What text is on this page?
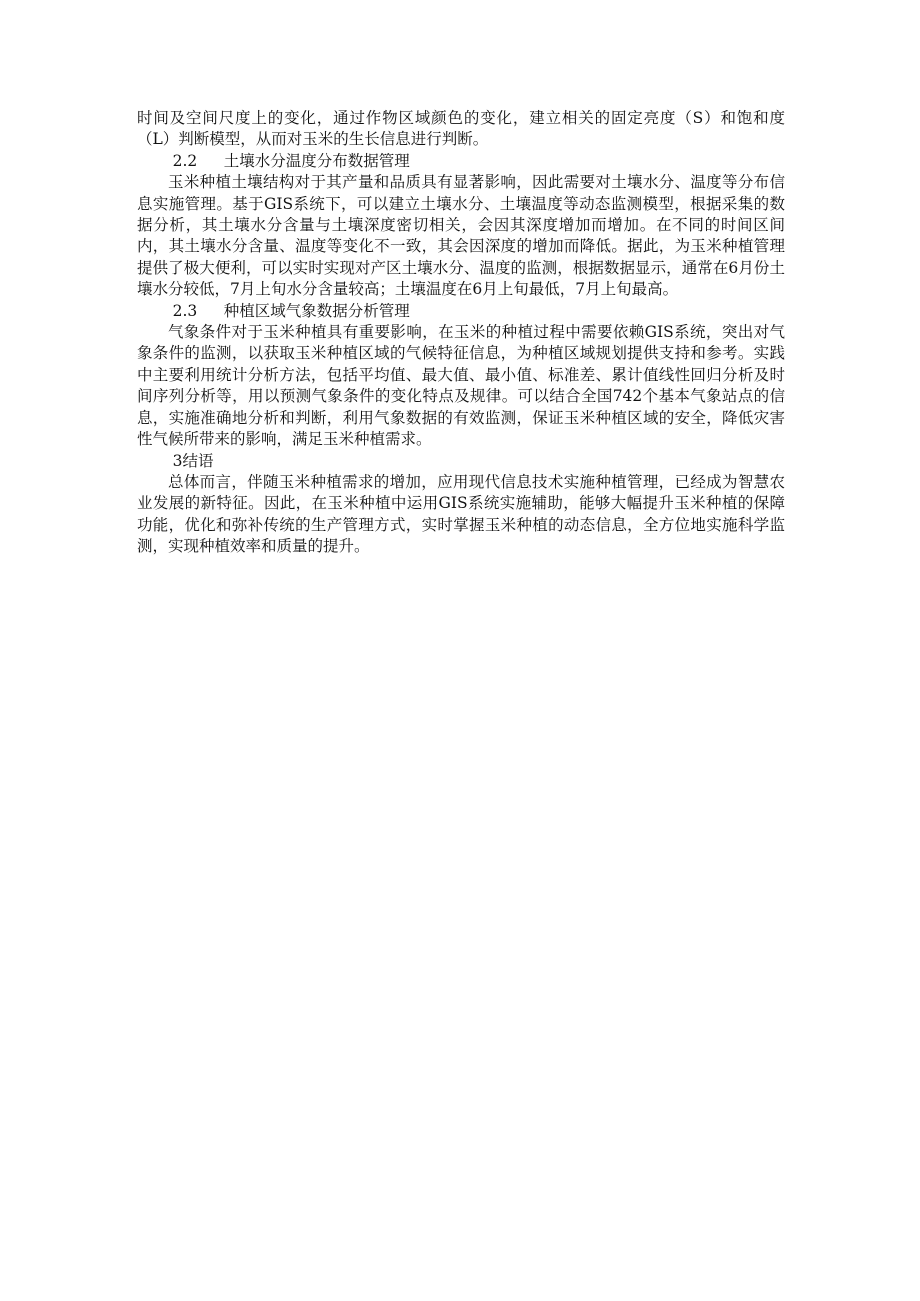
时间及空间尺度上的变化，通过作物区域颜色的变化，建立相关的固定亮度（S）和饱和度（L）判断模型，从而对玉米的生长信息进行判断。

2.2 土壤水分温度分布数据管理

玉米种植土壤结构对于其产量和品质具有显著影响，因此需要对土壤水分、温度等分布信息实施管理。基于GIS系统下，可以建立土壤水分、土壤温度等动态监测模型，根据采集的数据分析，其土壤水分含量与土壤深度密切相关，会因其深度增加而增加。在不同的时间区间内，其土壤水分含量、温度等变化不一致，其会因深度的增加而降低。据此，为玉米种植管理提供了极大便利，可以实时实现对产区土壤水分、温度的监测，根据数据显示，通常在6月份土壤水分较低，7月上旬水分含量较高；土壤温度在6月上旬最低，7月上旬最高。

2.3 种植区域气象数据分析管理

气象条件对于玉米种植具有重要影响，在玉米的种植过程中需要依赖GIS系统，突出对气象条件的监测，以获取玉米种植区域的气候特征信息，为种植区域规划提供支持和参考。实践中主要利用统计分析方法，包括平均值、最大值、最小值、标准差、累计值线性回归分析及时间序列分析等，用以预测气象条件的变化特点及规律。可以结合全国742个基本气象站点的信息，实施准确地分析和判断，利用气象数据的有效监测，保证玉米种植区域的安全，降低灾害性气候所带来的影响，满足玉米种植需求。

3结语

总体而言，伴随玉米种植需求的增加，应用现代信息技术实施种植管理，已经成为智慧农业发展的新特征。因此，在玉米种植中运用GIS系统实施辅助，能够大幅提升玉米种植的保障功能，优化和弥补传统的生产管理方式，实时掌握玉米种植的动态信息，全方位地实施科学监测，实现种植效率和质量的提升。
